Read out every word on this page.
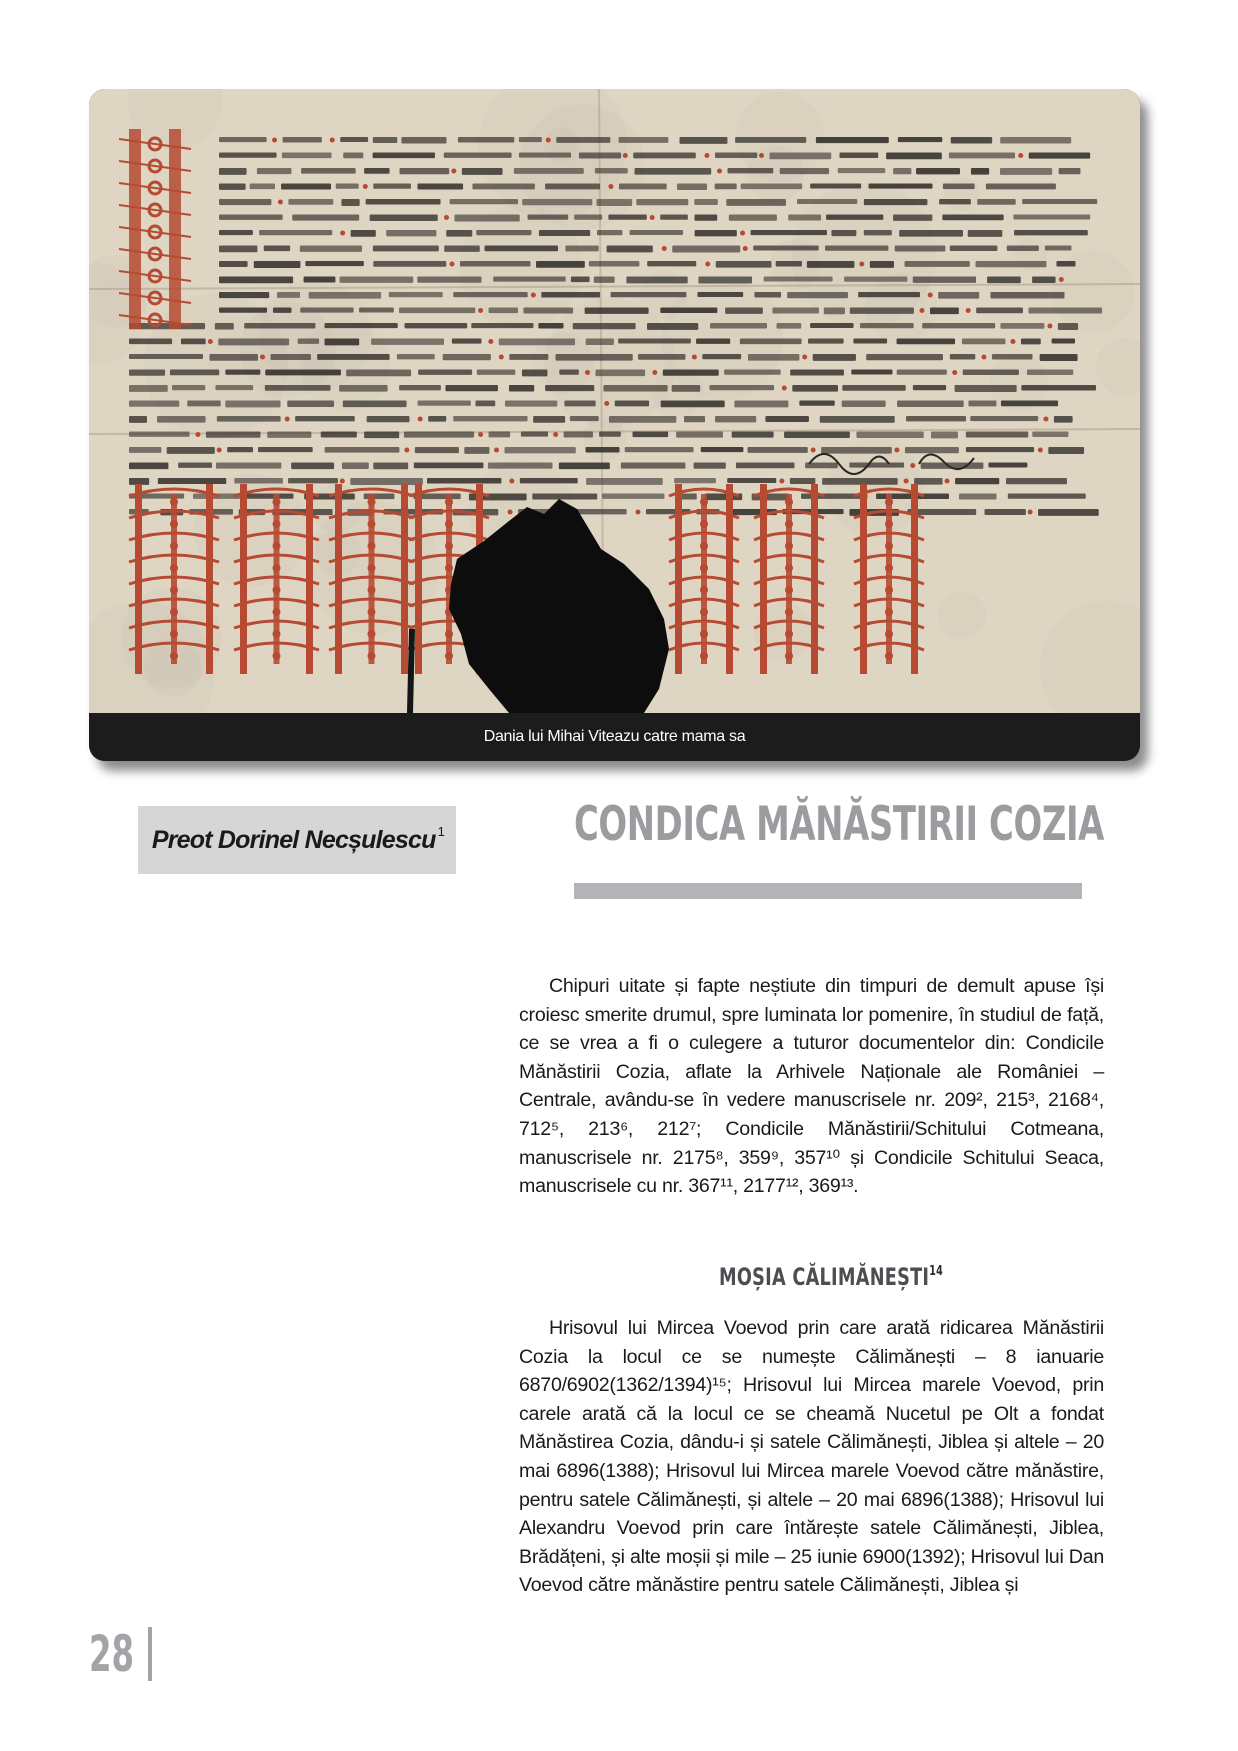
Dania lui Mihai Viteazu catre mama sa
Preot Dorinel Necșulescu $^1$	CONDICA MĂNĂSTIRII COZIA

Chipuri uitate și fapte neștiute din timpuri de demult apuse își croiesc smerite drumul, spre luminata lor pomenire, în studiul de față, ce se vrea a fi o culegere a tuturor documentelor din: Condicile Mănăstirii Cozia, aflate la Arhivele Naționale ale României – Centrale, avându-se în vedere manuscrisele nr. 209², 215³, 2168⁴, 712⁵, 213⁶, 212⁷; Condicile Mănăstirii/Schitului Cotmeana, manuscrisele nr. 2175⁸, 359⁹, 357¹⁰ și Condicile Schitului Seaca, manuscrisele cu nr. 367¹¹, 2177¹², 369¹³.

MOȘIA CĂLIMĂNEȘTI$^{14}$

Hrisovul lui Mircea Voevod prin care arată ridicarea Mănăstirii Cozia la locul ce se numește Călimănești – 8 ianuarie 6870/6902(1362/1394)¹⁵; Hrisovul lui Mircea marele Voevod, prin carele arată că la locul ce se cheamă Nucetul pe Olt a fondat Mănăstirea Cozia, dându-i și satele Călimănești, Jiblea și altele – 20 mai 6896(1388); Hrisovul lui Mircea marele Voevod către mănăstire, pentru satele Călimănești, și altele – 20 mai 6896(1388); Hrisovul lui Alexandru Voevod prin care întărește satele Călimănești, Jiblea, Brădățeni, și alte moșii și mile – 25 iunie 6900(1392); Hrisovul lui Dan Voevod către mănăstire pentru satele Călimănești, Jiblea și

28
